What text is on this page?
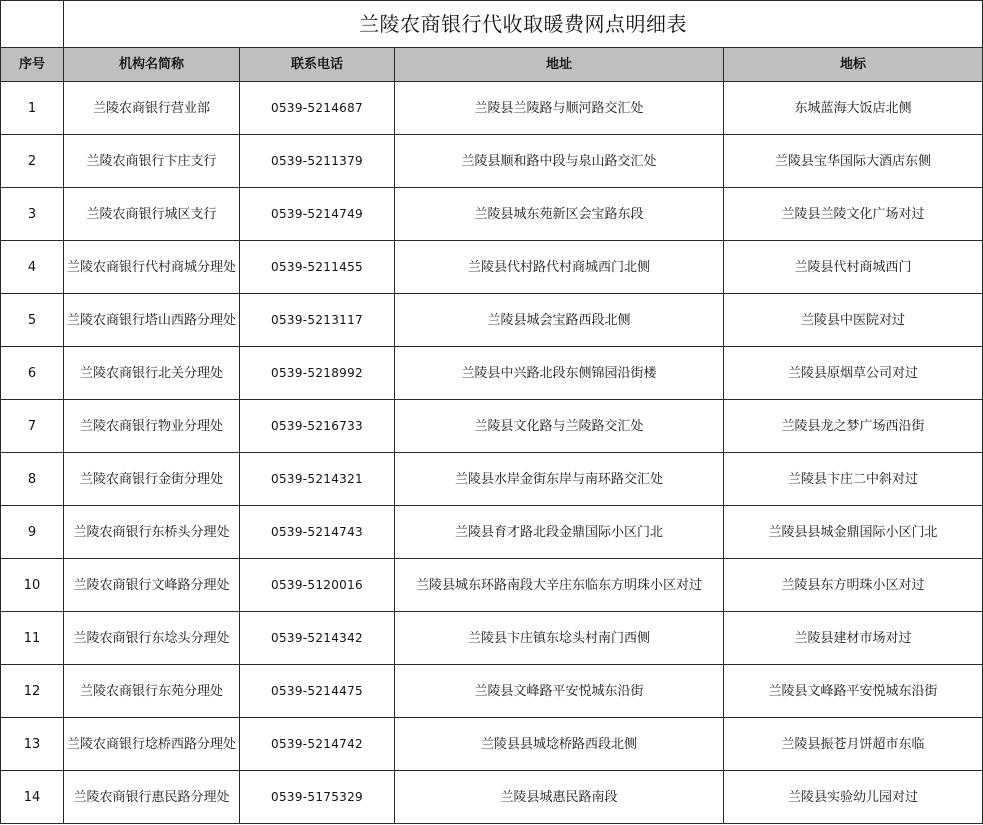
兰陵农商银行代收取暖费网点明细表
序号	机构名简称	联系电话	地址	地标
1	兰陵农商银行营业部	0539-5214687	兰陵县兰陵路与顺河路交汇处	东城蓝海大饭店北侧
2	兰陵农商银行卞庄支行	0539-5211379	兰陵县顺和路中段与泉山路交汇处	兰陵县宝华国际大酒店东侧
3	兰陵农商银行城区支行	0539-5214749	兰陵县城东苑新区会宝路东段	兰陵县兰陵文化广场对过
4	兰陵农商银行代村商城分理处	0539-5211455	兰陵县代村路代村商城西门北侧	兰陵县代村商城西门
5	兰陵农商银行塔山西路分理处	0539-5213117	兰陵县城会宝路西段北侧	兰陵县中医院对过
6	兰陵农商银行北关分理处	0539-5218992	兰陵县中兴路北段东侧锦园沿街楼	兰陵县原烟草公司对过
7	兰陵农商银行物业分理处	0539-5216733	兰陵县文化路与兰陵路交汇处	兰陵县龙之梦广场西沿街
8	兰陵农商银行金街分理处	0539-5214321	兰陵县水岸金街东岸与南环路交汇处	兰陵县卞庄二中斜对过
9	兰陵农商银行东桥头分理处	0539-5214743	兰陵县育才路北段金鼎国际小区门北	兰陵县县城金鼎国际小区门北
10	兰陵农商银行文峰路分理处	0539-5120016	兰陵县城东环路南段大辛庄东临东方明珠小区对过	兰陵县东方明珠小区对过
11	兰陵农商银行东埝头分理处	0539-5214342	兰陵县卞庄镇东埝头村南门西侧	兰陵县建材市场对过
12	兰陵农商银行东苑分理处	0539-5214475	兰陵县文峰路平安悦城东沿街	兰陵县文峰路平安悦城东沿街
13	兰陵农商银行埝桥西路分理处	0539-5214742	兰陵县县城埝桥路西段北侧	兰陵县振苍月饼超市东临
14	兰陵农商银行惠民路分理处	0539-5175329	兰陵县城惠民路南段	兰陵县实验幼儿园对过
